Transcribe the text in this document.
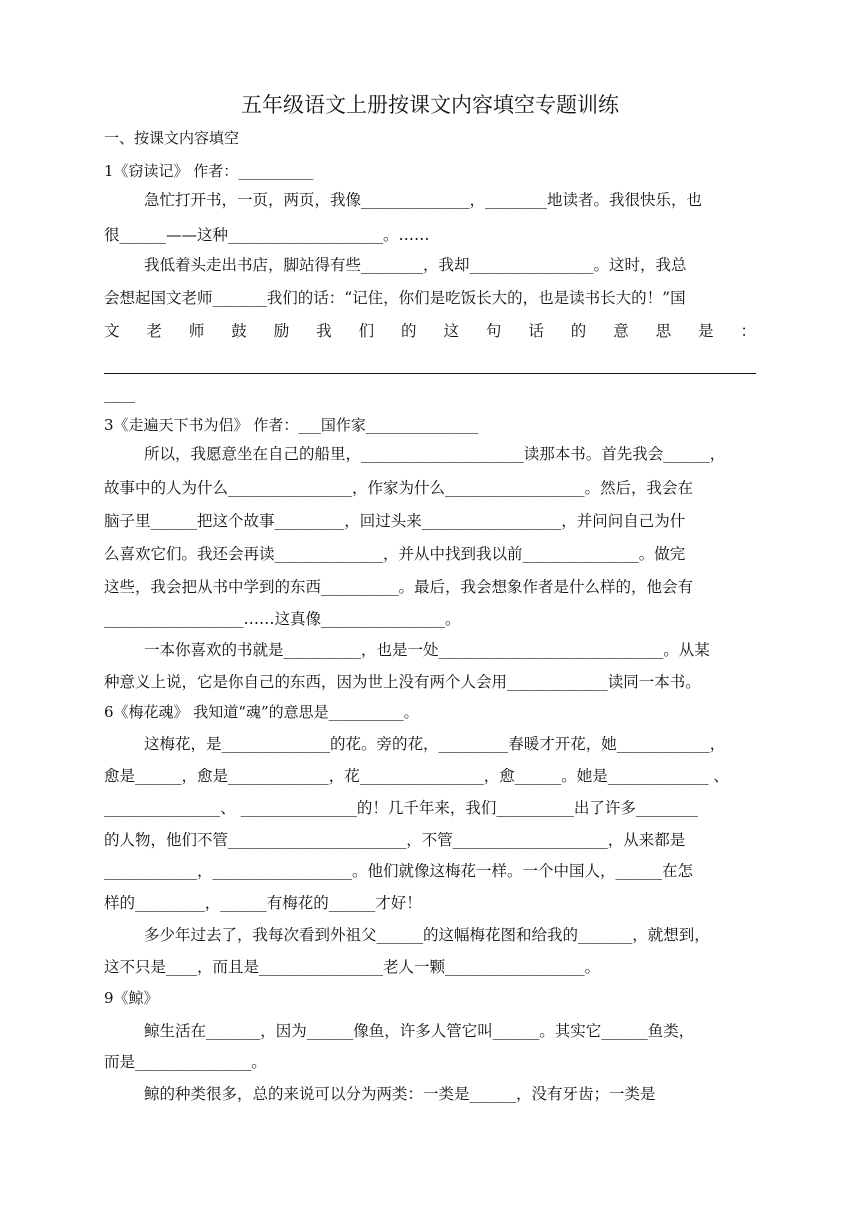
五年级语文上册按课文内容填空专题训练
一、按课文内容填空
1《窃读记》 作者：__________
急忙打开书，一页，两页，我像______________，________地读者。我很快乐，也
很______——这种____________________。……
我低着头走出书店，脚站得有些________，我却________________。这时，我总
会想起国文老师_______我们的话：“记住，你们是吃饭长大的，也是读书长大的！”国
文老师鼓励我们的这句话的意思是：
____
3《走遍天下书为侣》 作者：___国作家_______________
所以，我愿意坐在自己的船里，_____________________读那本书。首先我会______，
故事中的人为什么________________，作家为什么__________________。然后，我会在
脑子里______把这个故事_________，回过头来__________________，并问问自己为什
么喜欢它们。我还会再读______________，并从中找到我以前_______________。做完
这些，我会把从书中学到的东西__________。最后，我会想象作者是什么样的，他会有
__________________……这真像________________。
一本你喜欢的书就是__________，也是一处_____________________________。从某
种意义上说，它是你自己的东西，因为世上没有两个人会用_____________读同一本书。
6《梅花魂》 我知道“魂”的意思是__________。
这梅花，是______________的花。旁的花，_________春暖才开花，她____________，
愈是______，愈是_____________，花________________，愈______。她是_____________ 、
_______________、 _______________的！几千年来，我们__________出了许多________
的人物，他们不管_______________________，不管____________________，从来都是
____________，__________________。他们就像这梅花一样。一个中国人，______在怎
样的_________，______有梅花的______才好！
多少年过去了，我每次看到外祖父______的这幅梅花图和给我的_______，就想到，
这不只是____，而且是________________老人一颗__________________。
9《鲸》
鲸生活在_______，因为______像鱼，许多人管它叫______。其实它______鱼类，
而是_______________。
鲸的种类很多，总的来说可以分为两类：一类是______，没有牙齿；一类是
